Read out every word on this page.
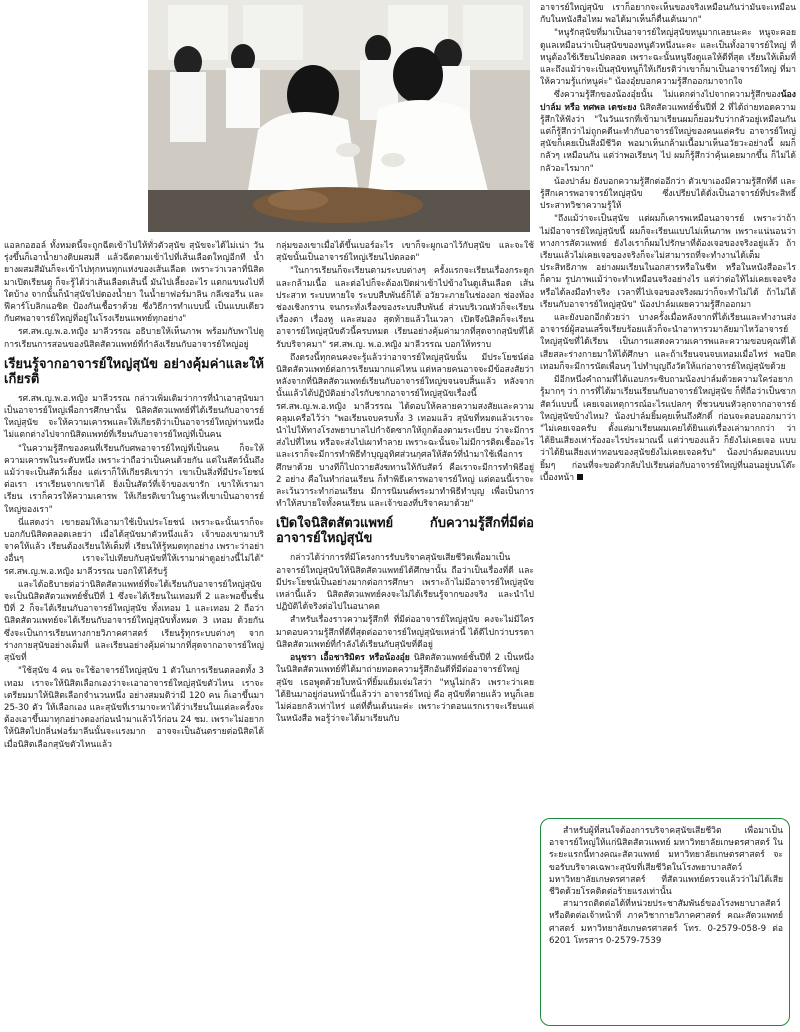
แอลกอฮอล์ ทั้งหมดนี้จะถูกฉีดเข้าไปให้ทั่วตัวสุนัข สุนัขจะได้ไม่เน่า วันรุ่งขึ้นก็เอาน้ำยางดิบผสมสี แล้วฉีดตามเข้าไปที่เส้นเลือดใหญ่อีกที น้ำยางผสมสีมันก็จะเข้าไปทุกหนทุกแห่งของเส้นเลือด เพราะว่าเวลาที่นิสิตมาเปิดเรียนดู ก็จะรู้ได้ว่าเส้นเลือดเส้นนี้ มันไปเลี้ยงอะไร แตกแขนงไปที่ใดบ้าง จากนั้นก็นำสุนัขไปดองน้ำยา ในน้ำยาฟอร์มาลิน กลีเซอรีน และฟีคาร์โบลิกแอซิด ป้องกันเชื้อราด้วย ซึ่งวิธีการทำแบบนี้ เป็นแบบเดียวกับศพอาจารย์ใหญ่ที่อยู่ในโรงเรียนแพทย์ทุกอย่าง"

รศ.สพ.ญ.พ.อ.หญิง มาลีวรรณ อธิบายให้เห็นภาพ พร้อมกับพาไปดูการเรียนการสอนของนิสิตสัตวแพทย์ที่กำลังเรียนกับอาจารย์ใหญ่อยู่

เรียนรู้จากอาจารย์ใหญ่สุนัข อย่างคุ้มค่าและให้เกียรติ

รศ.สพ.ญ.พ.อ.หญิง มาลีวรรณ กล่าวเพิ่มเติมว่าการที่นำเอาสุนัขมาเป็นอาจารย์ใหญ่เพื่อการศึกษานั้น นิสิตสัตวแพทย์ที่ได้เรียนกับอาจารย์ใหญ่สุนัข จะให้ความเคารพและให้เกียรติว่าเป็นอาจารย์ใหญ่ท่านหนึ่ง ไม่แตกต่างไปจากนิสิตแพทย์ที่เรียนกับอาจารย์ใหญ่ที่เป็นคน

"ในความรู้สึกของคนที่เรียนกับศพอาจารย์ใหญ่ที่เป็นคน ก็จะให้ความเคารพในระดับหนึ่ง เพราะว่าถือว่าเป็นคนด้วยกัน แต่ในสัตว์นั้นถึงแม้ว่าจะเป็นสัตว์เลี้ยง แต่เราก็ให้เกียรติเขาว่า เขาเป็นสิ่งที่มีประโยชน์ต่อเรา เราเรียนจากเขาได้ ยิ่งเป็นสัตว์ที่เจ้าของเขารัก เขาให้เรามาเรียน เราก็ควรให้ความเคารพ ให้เกียรติเขาในฐานะที่เขาเป็นอาจารย์ใหญ่ของเรา"

นี่แสดงว่า เขายอมให้เอามาใช้เป็นประโยชน์ เพราะฉะนั้นเราก็จะบอกกับนิสิตตลอดเลยว่า เมื่อได้สุนัขมาตัวหนึ่งแล้ว เจ้าของเขามาบริจาคให้แล้ว เรียนต้องเรียนให้เต็มที่ เรียนให้รู้หมดทุกอย่าง เพราะว่าอย่างอื่นๆ เราจะไปเทียบกับสุนัขที่ให้เรามาผ่าดูอย่างนี้ไม่ได้" รศ.สพ.ญ.พ.อ.หญิง มาลีวรรณ บอกให้ได้รับรู้

และได้อธิบายต่อว่านิสิตสัตวแพทย์ที่จะได้เรียนกับอาจารย์ใหญ่สุนัข จะเป็นนิสิตสัตวแพทย์ชั้นปีที่ 1 ซึ่งจะได้เรียนในเทอมที่ 2 และพอขึ้นชั้นปีที่ 2 ก็จะได้เรียนกับอาจารย์ใหญ่สุนัข ทั้งเทอม 1 และเทอม 2 ถือว่านิสิตสัตวแพทย์จะได้เรียนกับอาจารย์ใหญ่สุนัขทั้งหมด 3 เทอม ด้วยกัน ซึ่งจะเป็นการเรียนทางกายวิภาคศาสตร์ เรียนรู้ทุกระบบต่างๆ จากร่างกายสุนัขอย่างเต็มที่ และเรียนอย่างคุ้มค่ามากที่สุดจากอาจารย์ใหญ่สุนัขที่

"ใช้สุนัข 4 คน จะใช้อาจารย์ใหญ่สุนัข 1 ตัวในการเรียนตลอดทั้ง 3 เทอม เราจะให้นิสิตเลือกเองว่าจะเอาอาจารย์ใหญ่สุนัขตัวไหน เราจะเตรียมมาให้นิสิตเลือกจำนวนหนึ่ง อย่างสมมติว่ามี 120 คน ก็เอาขึ้นมา 25-30 ตัว ให้เลือกเอง และสุนัขที่เรามาจะหาได้ว่าเรียนในแต่ละครั้งจะต้องเอาขึ้นมาทุกอย่างดองก่อนนำมาแล้วไว้ก่อน 24 ชม. เพราะไม่อยากให้นิสิตไปกลิ่นฟอร์มาลีนนั้นจะแรงมาก อาจจะเป็นอันตรายต่อนิสิตได้ เมื่อนิสิตเลือกสุนัขตัวไหนแล้ว

กลุ่มของเขาเมื่อได้ขึ้นเบอร์อะไร เขาก็จะผูกเอาไว้กับสุนัข และจะใช้สุนัขนั้นเป็นอาจารย์ใหญ่เรียนไปตลอด"

"ในการเรียนก็จะเรียนตามระบบต่างๆ ครั้งแรกจะเรียนเรื่องกระดูกและกล้ามเนื้อ และต่อไปก็จะต้องเปิดผ่าเข้าไปข้างในดูเส้นเลือด เส้นประสาท ระบบหายใจ ระบบสืบพันธ์ก็ได้ อวัยวะภายในช่องอก ช่องท้อง ช่องเชิงกราน จนกระทั่งเรื่องของระบบสืบพันธ์ ส่วนบริเวณหัวก็จะเรียนเรื่องตา เรื่องหู และสมอง สุดท้ายแล้วในเวลา เปิดจึงนิสิตก็จะเรียนอาจารย์ใหญ่สุนัขตัวนี้ครบหมด เรียนอย่างคุ้มค่ามากที่สุดจากสุนัขที่ได้รับบริจาคมา" รศ.สพ.ญ. พ.อ.หญิง มาลีวรรณ บอกให้ทราบ

ถึงตรงนี้ทุกคนคงจะรู้แล้วว่าอาจารย์ใหญ่สุนัขนั้น มีประโยชน์ต่อนิสิตสัตวแพทย์ต่อการเรียนมากแค่ไหน แต่หลายคนอาจจะมีข้อสงสัยว่าหลังจากที่นิสิตสัตวแพทย์เรียนกับอาจารย์ใหญ่ขจนจบสิ้นแล้ว หลังจากนั้นแล้วได้ปฏิบัติอย่างไรกับซากอาจารย์ใหญ่สุนัขเรื่องนี้ รศ.สพ.ญ.พ.อ.หญิง มาลีวรรณ ได้ตอบให้คลายความสงสัยและความคลุมเครือไว้ว่า "พอเรียนจบครบทั้ง 3 เทอมแล้ว สุนัขที่หมดแล้วเราจะนำไปให้ทางโรงพยาบาลไปกำจัดซากให้ถูกต้องตามระเบียบ ว่าจะมีการส่งไปที่ไหน หรือจะส่งไปเผาทำลาย เพราะฉะนั้นจะไม่มีการติดเชื้ออะไร และเราก็จะมีการทำพิธีทำบุญอุทิศส่วนกุศลให้สัตว์ที่นำมาใช้เพื่อการศึกษาด้วย บางทีก็ไปถวายสังฆทานให้กับสัตว์ คือเราจะมีการทำพิธีอยู่ 2 อย่าง คือในทำก่อนเรียน ก็ทำพิธีเคารพอาจารย์ใหญ่ แต่ตอนนี้เราจะละเว้นวาระทำก่อนเรียน มีการนิมนต์พระมาทำพิธีทำบุญ เพื่อเป็นการทำให้สบายใจทั้งคนเรียน และเจ้าของที่บริจาคมาด้วย"

เปิดใจนิสิตสัตวแพทย์ กับความรู้สึกที่มีต่ออาจารย์ใหญ่สุนัข

กล่าวได้ว่าการที่มีโครงการรับบริจาคสุนัขเสียชีวิตเพื่อมาเป็นอาจารย์ใหญ่สุนัขให้นิสิตสัตวแพทย์ได้ศึกษานั้น ถือว่าเป็นเรื่องที่ดี และมีประโยชน์เป็นอย่างมากต่อการศึกษา เพราะถ้าไม่มีอาจารย์ใหญ่สุนัขเหล่านี้แล้ว นิสิตสัตวแพทย์คงจะไม่ได้เรียนรู้จากของจริง และนำไปปฏิบัติได้จริงต่อไปในอนาคต

สำหรับเรื่องราวความรู้สึกที่ ที่มีต่ออาจารย์ใหญ่สุนัข คงจะไม่มีใครมาตอบความรู้สึกที่ดีที่สุดต่ออาจารย์ใหญ่สุนัขเหล่านี้ ได้ดีไปกว่าบรรดานิสิตสัตวแพทย์ที่กำลังได้เรียนกับสุนัขที่ดีอยู่

อนุชรา เอื้อชาริมิตร หรือน้องอุ๋ย นิสิตสัตวแพทย์ชั้นปีที่ 2 เป็นหนึ่งในนิสิตสัตวแพทย์ที่ได้มาถ่ายทอดความรู้สึกอันดีที่มีต่ออาจารย์ใหญ่สุนัข เธอพูดด้วยใบหน้าที่ยิ้มแย้มเจ่มใสว่า "หนูไม่กลัว เพราะว่าเคยได้ยินมาอยู่ก่อนหน้านี้แล้วว่า อาจารย์ใหญ่ คือ สุนัขที่ตายแล้ว หนูก็เลยไม่ค่อยกลัวเท่าไหร่ แต่ที่ตื่นเต้นนะค่ะ เพราะว่าตอนแรกเราจะเรียนแต่ในหนังสือ พอรู้ว่าจะได้มาเรียนกับ

อาจารย์ใหญ่สุนัข เราก็อยากจะเห็นของจริงเหมือนกันว่ามันจะเหมือนกับในหนังสือไหม พอได้มาเห็นก็ตื่นเต้นมาก"

"หนูรักสุนัขที่มาเป็นอาจารย์ใหญ่สุนัขหนูมากเลยนะคะ หนูจะคอยดูแลเหมือนว่าเป็นสุนัขของหนูตัวหนึ่งนะคะ และเป็นทั้งอาจารย์ใหญ่ ที่หนูต้องใช้เรียนไปตลอด เพราะฉะนั้นหนูจึงดูแลให้ดีที่สุด เรียนให้เต็มที่ และถึงแม้ว่าจะเป็นสุนัขหนูก็ให้เกียรติว่าเขาก็มาเป็นอาจารย์ใหญ่ ที่มาให้ความรู้แก่หนูค่ะ" น้องอุ๋ยบอกความรู้สึกออกมาจากใจ

ซึ่งความรู้สึกของน้องอุ๋ยนั้น ไม่แตกต่างไปจากความรู้สึกของน้องปาล์ม หรือ ทศพล เตชะยง นิสิตสัตวแพทย์ชั้นปีที่ 2 ที่ได้ถ่ายทอดความรู้สึกให้ฟังว่า "ในวันแรกที่เข้ามาเรียนผมก็ยอมรับว่ากลัวอยู่เหมือนกัน แต่ก็รู้สึกว่าไม่ถูกคดีนะทำกับอาจารย์ใหญ่ของคนแต่ครับ อาจารย์ใหญ่สุนัขก็เคยเป็นสิ่งมีชีวิต พอมาเห็นกล้ามเนื้อมาเห็นอวัยวะอย่างนี้ ผมก็กลัวๆ เหมือนกัน แต่ว่าพอเรียนๆ ไป ผมก็รู้สึกว่าคุ้นเคยมากขึ้น ก็ไม่ได้กลัวอะไรมาก"

น้องปาล์ม ยังบอกความรู้สึกต่ออีกว่า ตัวเขาเองมีความรู้สึกที่ดี และรู้สึกเคารพอาจารย์ใหญ่สุนัข ซึ่งเปรียบได้ดั่งเป็นอาจารย์ที่ประสิทธิ์ประสาทวิชาความรู้ให้

"ถึงแม้ว่าจะเป็นสุนัข แต่ผมก็เคารพเหมือนอาจารย์ เพราะว่าถ้าไม่มีอาจารย์ใหญ่สุนัขนี้ ผมก็จะเรียนแบบไม่เห็นภาพ เพราะแน่นอนว่าทางการสัตวแพทย์ ยังไงเราก็ผมไปรักษาที่ต้องเจอของจริงอยู่แล้ว ถ้าเรียนแล้วไม่เคยเจอของจริงก็จะไม่สามารถที่จะทำงานได้เต็มประสิทธิภาพ อย่างผมเรียนในอกสารหรือในชีท หรือในหนังสืออะไรก็ตาม รูปภาพแม้ว่าจะทำเหมือนจริงอย่างไร แต่ว่าต่อให้ไม่เคยเจอจริง หรือได้ลงมือทำจริง เวลาที่ไปเจอของจริงผมว่าก็จะทำไม่ได้ ถ้าไม่ได้เรียนกับอาจารย์ใหญ่สุนัข" น้องปาล์มเผยความรู้สึกออกมา

และยังบอกอีกด้วยว่า บางครั้งเมื่อหลังจากที่ได้เรียนและทำงานส่งอาจารย์ผู้สอนเสร็จเรียบร้อยแล้วก็จะนำอาหารวมาลัยมาไหว้อาจารย์ใหญ่สุนัขที่ได้เรียน เป็นการแสดงความเคารพและความขอบคุณที่ได้เสียสละร่างกายมาให้ได้ศึกษา และถ้าเรียนจนจบเทอมเมื่อไหร่ พอปิดเทอมก็จะมีการนัดเพื่อนๆ ไปทำบุญถึงวัดให้แก่อาจารย์ใหญ่สุนัขด้วย

มีอีกหนึ่งคำถามที่ได้แอบกระซิบถามน้องปาล์มด้วยความใคร่อยากรู้มากๆ ว่า การที่ได้มาเรียนเรียนกับอาจารย์ใหญ่สุนัข ก็ที่ถือว่าเป็นซากสัตว์แบบนี้ เคยเจอเหตุการณ์อะไรแปลกๆ ที่ชวนขนหัวลุกจากอาจารย์ใหญ่สุนัขบ้างไหม? น้องปาล์มยิ้มคุยเห็นถึงศักดิ์ ก่อนจะตอบออกมาว่า "ไม่เคยเจอครับ ตั้งแต่มาเรียนผมเคยได้ยินแต่เรื่องเล่ามากกว่า ว่าได้ยินเสียงเห่าร้องอะไรประมาณนี้ แต่ว่าของแล้ว ก็ยังไม่เคยเจอ แบบว่าได้ยินเสียงเห่าทอนของสุนัขยังไม่เคยเจอครับ" น้องปาล์มตอบแบบยิ้มๆ ก่อนที่จะขอตัวกลับไปเรียนต่อกับอาจารย์ใหญ่ที่นอนอยู่บนโต๊ะ เบื้องหน้า

สำหรับผู้ที่สนใจต้องการบริจาคสุนัขเสียชีวิต เพื่อมาเป็นอาจารย์ใหญ่ให้แก่นิสิตสัตวแพทย์ มหาวิทยาลัยเกษตรศาสตร์ ในระยะแรกนี้ทางคณะสัตวแพทย์ มหาวิทยาลัยเกษตรศาสตร์ จะขอรับบริจาคเฉพาะสุนัขที่เสียชีวิตในโรงพยาบาลสัตว์ มหาวิทยาลัยเกษตรศาสตร์ ที่สัตวแพทย์ตรวจแล้วว่าไม่ได้เสียชีวิตด้วยโรคติดต่อร้ายแรงเท่านั้น

สามารถติดต่อได้ที่หน่วยประชาสัมพันธ์ของโรงพยาบาลสัตว์ หรือติดต่อเจ้าหน้าที่ ภาควิชากายวิภาคศาสตร์ คณะสัตวแพทย์ศาสตร์ มหาวิทยาลัยเกษตรศาสตร์ โทร. 0-2579-058-9 ต่อ 6201 โทรสาร 0-2579-7539
